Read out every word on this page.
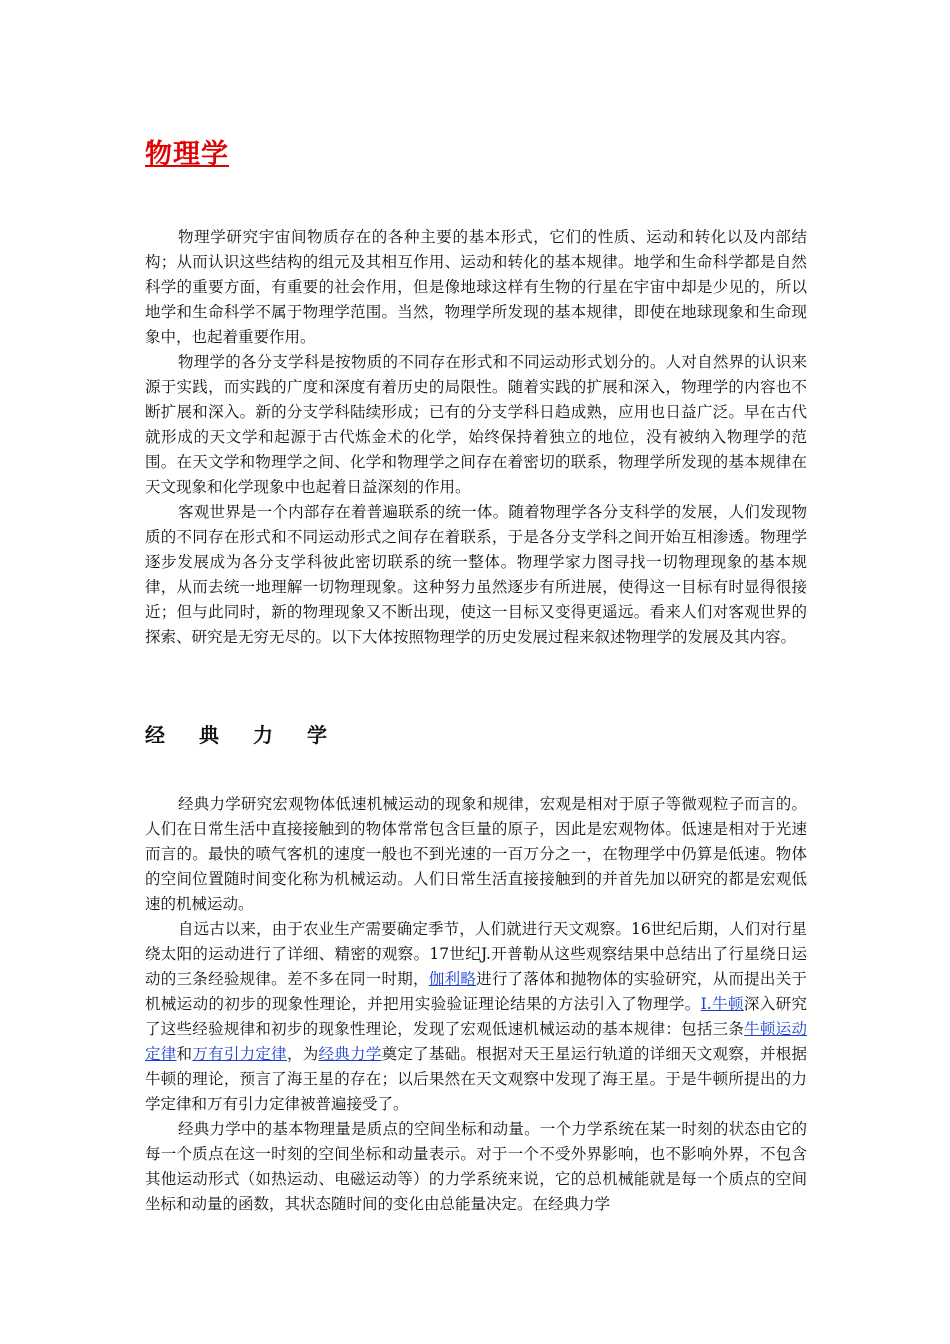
物理学

物理学研究宇宙间物质存在的各种主要的基本形式，它们的性质、运动和转化以及内部结构；从而认识这些结构的组元及其相互作用、运动和转化的基本规律。地学和生命科学都是自然科学的重要方面，有重要的社会作用，但是像地球这样有生物的行星在宇宙中却是少见的，所以地学和生命科学不属于物理学范围。当然，物理学所发现的基本规律，即使在地球现象和生命现象中，也起着重要作用。

物理学的各分支学科是按物质的不同存在形式和不同运动形式划分的。人对自然界的认识来源于实践，而实践的广度和深度有着历史的局限性。随着实践的扩展和深入，物理学的内容也不断扩展和深入。新的分支学科陆续形成；已有的分支学科日趋成熟，应用也日益广泛。早在古代就形成的天文学和起源于古代炼金术的化学，始终保持着独立的地位，没有被纳入物理学的范围。在天文学和物理学之间、化学和物理学之间存在着密切的联系，物理学所发现的基本规律在天文现象和化学现象中也起着日益深刻的作用。

客观世界是一个内部存在着普遍联系的统一体。随着物理学各分支科学的发展，人们发现物质的不同存在形式和不同运动形式之间存在着联系，于是各分支学科之间开始互相渗透。物理学逐步发展成为各分支学科彼此密切联系的统一整体。物理学家力图寻找一切物理现象的基本规律，从而去统一地理解一切物理现象。这种努力虽然逐步有所进展，使得这一目标有时显得很接近；但与此同时，新的物理现象又不断出现，使这一目标又变得更遥远。看来人们对客观世界的探索、研究是无穷无尽的。以下大体按照物理学的历史发展过程来叙述物理学的发展及其内容。

经典力学

经典力学研究宏观物体低速机械运动的现象和规律，宏观是相对于原子等微观粒子而言的。人们在日常生活中直接接触到的物体常常包含巨量的原子，因此是宏观物体。低速是相对于光速而言的。最快的喷气客机的速度一般也不到光速的一百万分之一，在物理学中仍算是低速。物体的空间位置随时间变化称为机械运动。人们日常生活直接接触到的并首先加以研究的都是宏观低速的机械运动。

自远古以来，由于农业生产需要确定季节，人们就进行天文观察。16世纪后期，人们对行星绕太阳的运动进行了详细、精密的观察。17世纪J.开普勒从这些观察结果中总结出了行星绕日运动的三条经验规律。差不多在同一时期，伽利略进行了落体和抛物体的实验研究，从而提出关于机械运动的初步的现象性理论，并把用实验验证理论结果的方法引入了物理学。I.牛顿深入研究了这些经验规律和初步的现象性理论，发现了宏观低速机械运动的基本规律：包括三条牛顿运动定律和万有引力定律，为经典力学奠定了基础。根据对天王星运行轨道的详细天文观察，并根据牛顿的理论，预言了海王星的存在；以后果然在天文观察中发现了海王星。于是牛顿所提出的力学定律和万有引力定律被普遍接受了。

经典力学中的基本物理量是质点的空间坐标和动量。一个力学系统在某一时刻的状态由它的每一个质点在这一时刻的空间坐标和动量表示。对于一个不受外界影响，也不影响外界，不包含其他运动形式（如热运动、电磁运动等）的力学系统来说，它的总机械能就是每一个质点的空间坐标和动量的函数，其状态随时间的变化由总能量决定。在经典力学
